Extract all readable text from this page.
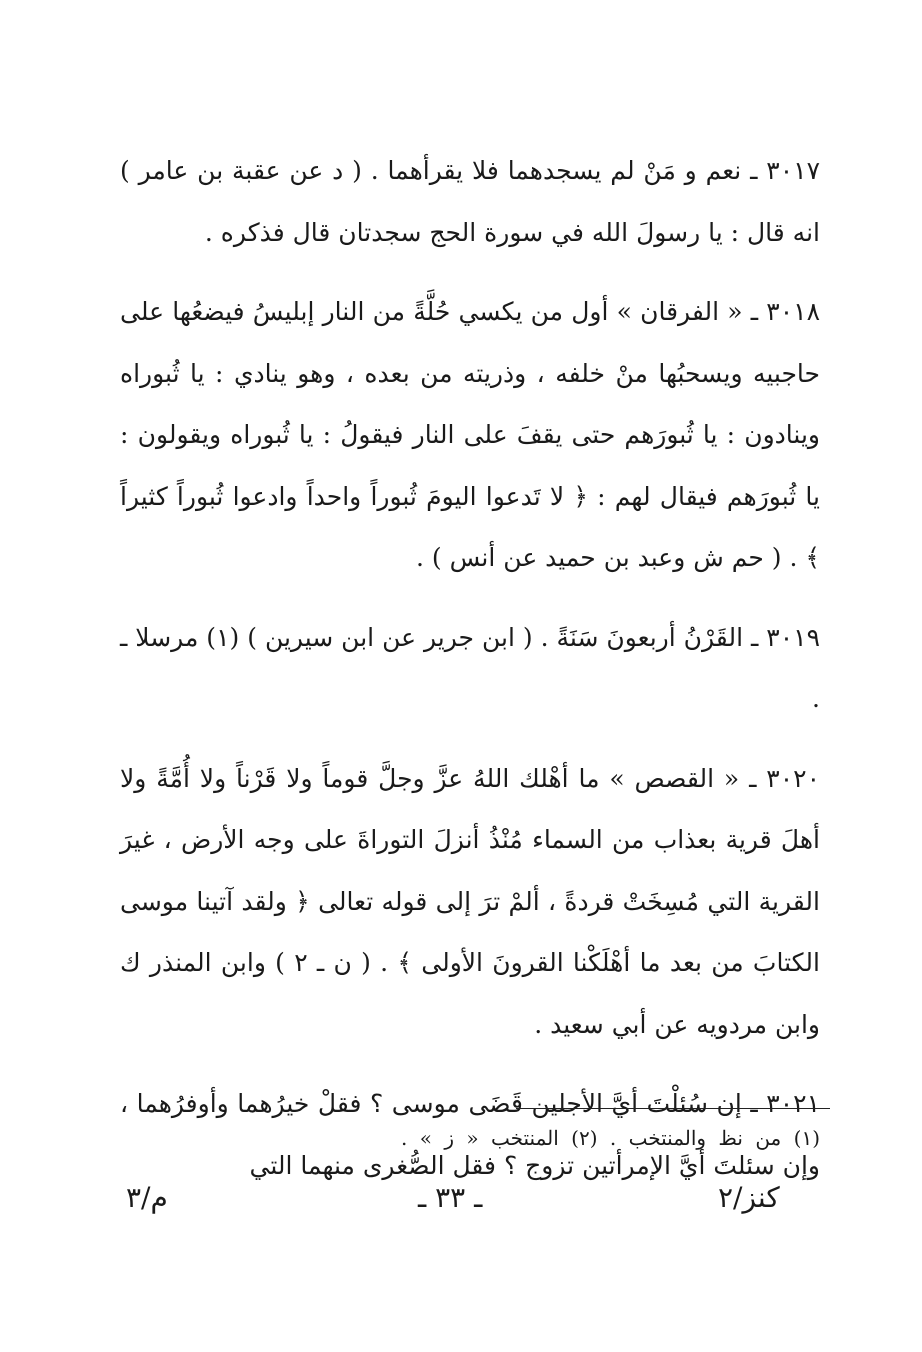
٣٠١٧ ـ نعم و مَنْ لم يسجدهما فلا يقرأهما . ( د عن عقبة بن عامر ) انه قال : يا رسولَ الله في سورة الحج سجدتان قال فذكره .

٣٠١٨ ـ « الفرقان » أول من يكسي حُلَّةً من النار إبليسُ فيضعُها على حاجبيه ويسحبُها منْ خلفه ، وذريته من بعده ، وهو ينادي : يا ثُبوراه وينادون : يا ثُبورَهم حتى يقفَ على النار فيقولُ : يا ثُبوراه ويقولون : يا ثُبورَهم فيقال لهم : ﴿ لا تَدعوا اليومَ ثُبوراً واحداً وادعوا ثُبوراً كثيراً ﴾ . ( حم ش وعبد بن حميد عن أنس ) .

٣٠١٩ ـ القَرْنُ أربعونَ سَنَةً . ( ابن جرير عن ابن سيرين ) (١) مرسلا ـ .

٣٠٢٠ ـ « القصص » ما أهْلك اللهُ عزَّ وجلَّ قوماً ولا قَرْناً ولا أُمَّةً ولا أهلَ قرية بعذاب من السماء مُنْذُ أنزلَ التوراةَ على وجه الأرض ، غيرَ القرية التي مُسِخَتْ قردةً ، ألمْ ترَ إلى قوله تعالى ﴿ ولقد آتينا موسى الكتابَ من بعد ما أهْلَكْنا القرونَ الأولى ﴾ . ( ن ـ ٢ ) وابن المنذر ك وابن مردويه عن أبي سعيد .

٣٠٢١ ـ إن سُئلْتَ أيَّ الأجلين قَضَى موسى ؟ فقلْ خيرُهما وأوفرُهما ، وإن سئلتَ أيَّ الإمرأتين تزوج ؟ فقل الصُّغرى منهما التي

(١) من نظ والمنتخب . (٢) المنتخب « ز » .
م/٣	ـ ٣٣ ـ	كنز/٢
